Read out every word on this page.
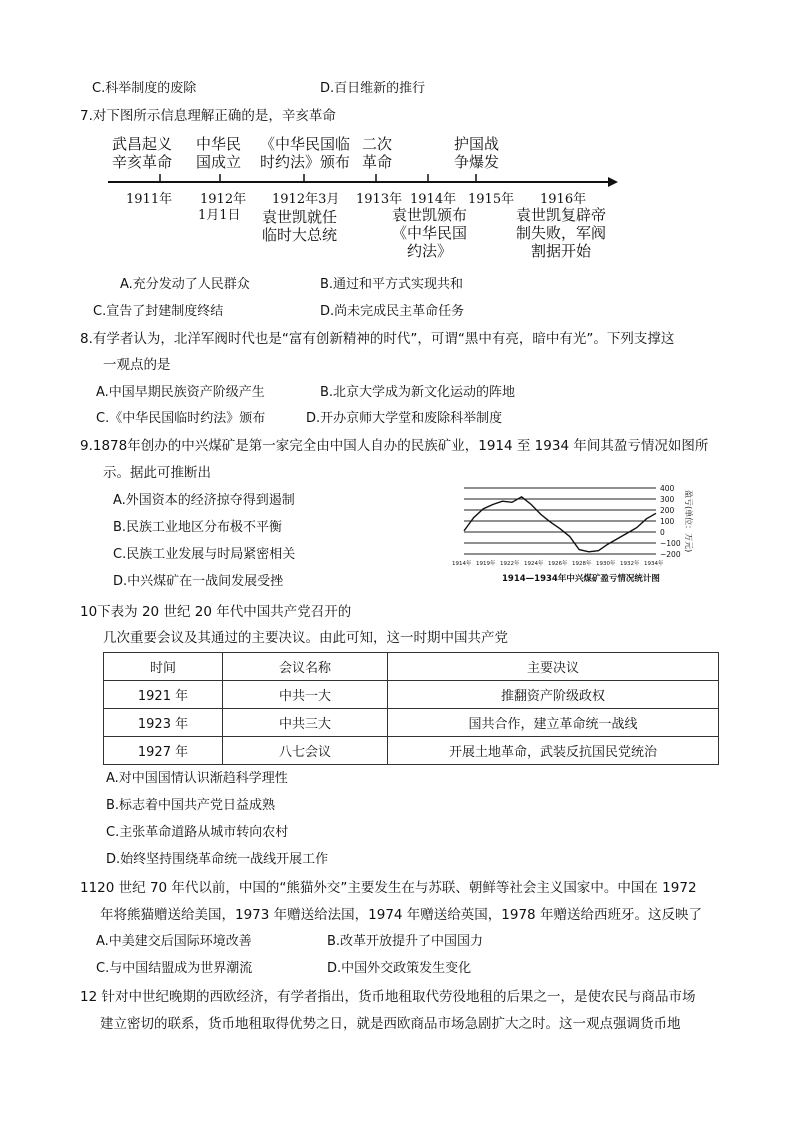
C.科举制度的废除	D.百日维新的推行
7.对下图所示信息理解正确的是，辛亥革命
武昌起义
辛亥革命
中华民
国成立
《中华民国临
时约法》颁布
二次
革命
护国战
争爆发
1911年 1912年
1月1日
1912年3月 1913年 1914年 1915年 1916年
袁世凯就任
临时大总统
袁世凯颁布
《中华民国
约法》
袁世凯复辟帝
制失败，军阀
割据开始
A.充分发动了人民群众	B.通过和平方式实现共和
C.宣告了封建制度终结	D.尚未完成民主革命任务
8.有学者认为，北洋军阀时代也是“富有创新精神的时代”，可谓“黑中有亮，暗中有光”。下列支撑这
一观点的是
A.中国早期民族资产阶级产生	B.北京大学成为新文化运动的阵地
C.《中华民国临时约法》颁布	D.开办京师大学堂和废除科举制度
9.1878年创办的中兴煤矿是第一家完全由中国人自办的民族矿业，1914 至 1934 年间其盈亏情况如图所
示。据此可推断出
A.外国资本的经济掠夺得到遏制
B.民族工业地区分布极不平衡
C.民族工业发展与时局紧密相关
D.中兴煤矿在一战间发展受挫
400
300
200
100
0
−100
−200
盈亏(单位：万元)
1914年 1919年 1922年 1924年 1926年 1928年 1930年 1932年 1934年
1914—1934年中兴煤矿盈亏情况统计图
10下表为 20 世纪 20 年代中国共产党召开的
几次重要会议及其通过的主要决议。由此可知，这一时期中国共产党
时间	会议名称	主要决议
1921 年	中共一大	推翻资产阶级政权
1923 年	中共三大	国共合作，建立革命统一战线
1927 年	八七会议	开展土地革命，武装反抗国民党统治
A.对中国国情认识渐趋科学理性
B.标志着中国共产党日益成熟
C.主张革命道路从城市转向农村
D.始终坚持围绕革命统一战线开展工作
1120 世纪 70 年代以前，中国的“熊猫外交”主要发生在与苏联、朝鲜等社会主义国家中。中国在 1972
年将熊猫赠送给美国，1973 年赠送给法国，1974 年赠送给英国，1978 年赠送给西班牙。这反映了
A.中美建交后国际环境改善	B.改革开放提升了中国国力
C.与中国结盟成为世界潮流	D.中国外交政策发生变化
12 针对中世纪晚期的西欧经济，有学者指出，货币地租取代劳役地租的后果之一，是使农民与商品市场
建立密切的联系，货币地租取得优势之日，就是西欧商品市场急剧扩大之时。这一观点强调货币地
